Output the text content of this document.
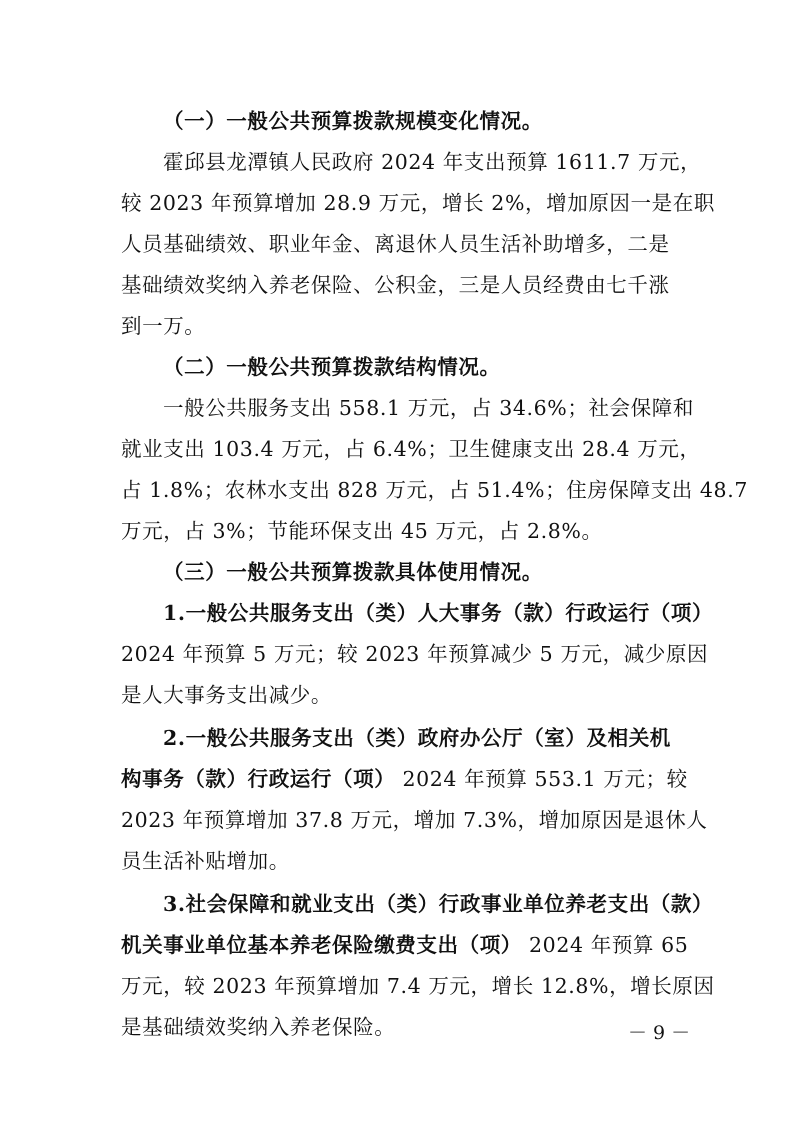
（一）一般公共预算拨款规模变化情况。
霍邱县龙潭镇人民政府 2024 年支出预算 1611.7 万元，
较 2023 年预算增加 28.9 万元，增长 2%，增加原因一是在职
人员基础绩效、职业年金、离退休人员生活补助增多，二是
基础绩效奖纳入养老保险、公积金，三是人员经费由七千涨
到一万。
（二）一般公共预算拨款结构情况。
一般公共服务支出 558.1 万元，占 34.6%；社会保障和
就业支出 103.4 万元，占 6.4%；卫生健康支出 28.4 万元，
占 1.8%；农林水支出 828 万元，占 51.4%；住房保障支出 48.7
万元，占 3%；节能环保支出 45 万元，占 2.8%。
（三）一般公共预算拨款具体使用情况。
1.一般公共服务支出（类）人大事务（款）行政运行（项）
2024 年预算 5 万元；较 2023 年预算减少 5 万元，减少原因
是人大事务支出减少。
2.一般公共服务支出（类）政府办公厅（室）及相关机
构事务（款）行政运行（项） 2024 年预算 553.1 万元；较
2023 年预算增加 37.8 万元，增加 7.3%，增加原因是退休人
员生活补贴增加。
3.社会保障和就业支出（类）行政事业单位养老支出（款）
机关事业单位基本养老保险缴费支出（项） 2024 年预算 65
万元，较 2023 年预算增加 7.4 万元，增长 12.8%，增长原因
是基础绩效奖纳入养老保险。	－ 9 －
